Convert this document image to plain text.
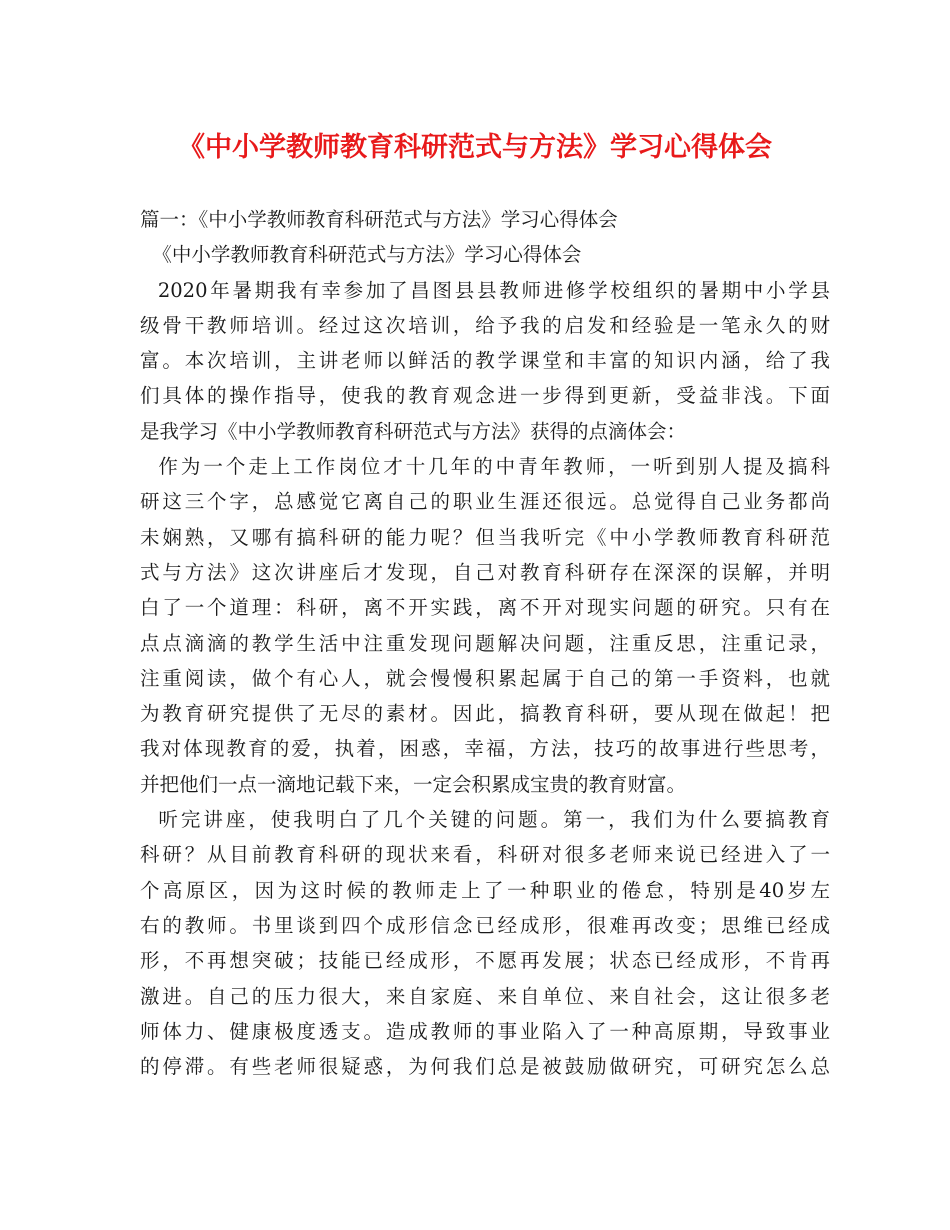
《中小学教师教育科研范式与方法》学习心得体会
篇一：《中小学教师教育科研范式与方法》学习心得体会
《中小学教师教育科研范式与方法》学习心得体会
2020年暑期我有幸参加了昌图县县教师进修学校组织的暑期中小学县
级骨干教师培训。经过这次培训，给予我的启发和经验是一笔永久的财
富。本次培训，主讲老师以鲜活的教学课堂和丰富的知识内涵，给了我
们具体的操作指导，使我的教育观念进一步得到更新，受益非浅。下面
是我学习《中小学教师教育科研范式与方法》获得的点滴体会：
作为一个走上工作岗位才十几年的中青年教师，一听到别人提及搞科
研这三个字，总感觉它离自己的职业生涯还很远。总觉得自己业务都尚
未娴熟，又哪有搞科研的能力呢？但当我听完《中小学教师教育科研范
式与方法》这次讲座后才发现，自己对教育科研存在深深的误解，并明
白了一个道理：科研，离不开实践，离不开对现实问题的研究。只有在
点点滴滴的教学生活中注重发现问题解决问题，注重反思，注重记录，
注重阅读，做个有心人，就会慢慢积累起属于自己的第一手资料，也就
为教育研究提供了无尽的素材。因此，搞教育科研，要从现在做起！把
我对体现教育的爱，执着，困惑，幸福，方法，技巧的故事进行些思考，
并把他们一点一滴地记载下来，一定会积累成宝贵的教育财富。
听完讲座，使我明白了几个关键的问题。第一，我们为什么要搞教育
科研？从目前教育科研的现状来看，科研对很多老师来说已经进入了一
个高原区，因为这时候的教师走上了一种职业的倦怠，特别是40岁左
右的教师。书里谈到四个成形信念已经成形，很难再改变；思维已经成
形，不再想突破；技能已经成形，不愿再发展；状态已经成形，不肯再
激进。自己的压力很大，来自家庭、来自单位、来自社会，这让很多老
师体力、健康极度透支。造成教师的事业陷入了一种高原期，导致事业
的停滞。有些老师很疑惑，为何我们总是被鼓励做研究，可研究怎么总
